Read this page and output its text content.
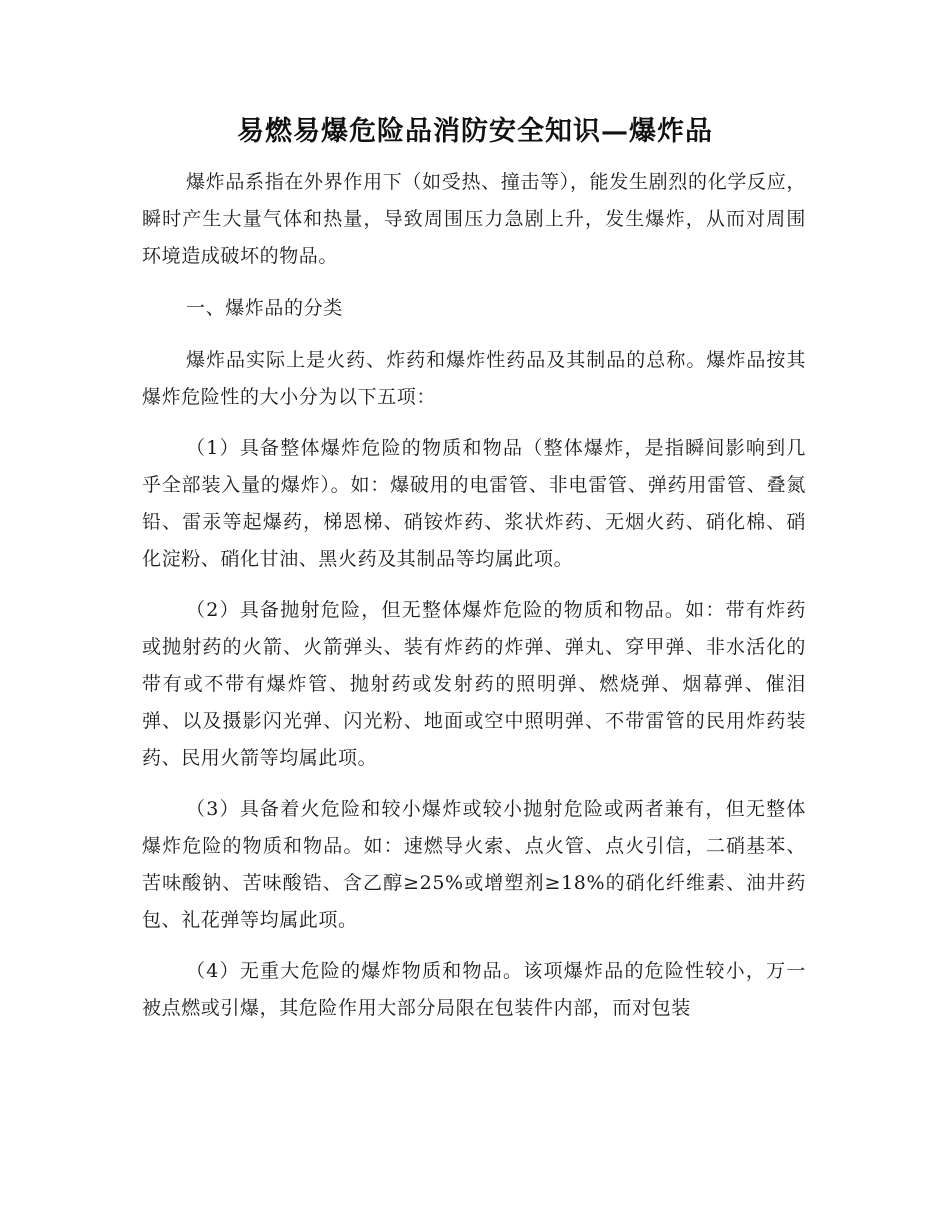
易燃易爆危险品消防安全知识—爆炸品

爆炸品系指在外界作用下（如受热、撞击等），能发生剧烈的化学反应，瞬时产生大量气体和热量，导致周围压力急剧上升，发生爆炸，从而对周围环境造成破坏的物品。

一、爆炸品的分类

爆炸品实际上是火药、炸药和爆炸性药品及其制品的总称。爆炸品按其爆炸危险性的大小分为以下五项：

（1）具备整体爆炸危险的物质和物品（整体爆炸，是指瞬间影响到几乎全部装入量的爆炸）。如：爆破用的电雷管、非电雷管、弹药用雷管、叠氮铅、雷汞等起爆药，梯恩梯、硝铵炸药、浆状炸药、无烟火药、硝化棉、硝化淀粉、硝化甘油、黑火药及其制品等均属此项。

（2）具备抛射危险，但无整体爆炸危险的物质和物品。如：带有炸药或抛射药的火箭、火箭弹头、装有炸药的炸弹、弹丸、穿甲弹、非水活化的带有或不带有爆炸管、抛射药或发射药的照明弹、燃烧弹、烟幕弹、催泪弹、以及摄影闪光弹、闪光粉、地面或空中照明弹、不带雷管的民用炸药装药、民用火箭等均属此项。

（3）具备着火危险和较小爆炸或较小抛射危险或两者兼有，但无整体爆炸危险的物质和物品。如：速燃导火索、点火管、点火引信，二硝基苯、苦味酸钠、苦味酸锆、含乙醇≥25%或增塑剂≥18%的硝化纤维素、油井药包、礼花弹等均属此项。

（4）无重大危险的爆炸物质和物品。该项爆炸品的危险性较小，万一被点燃或引爆，其危险作用大部分局限在包装件内部，而对包装
